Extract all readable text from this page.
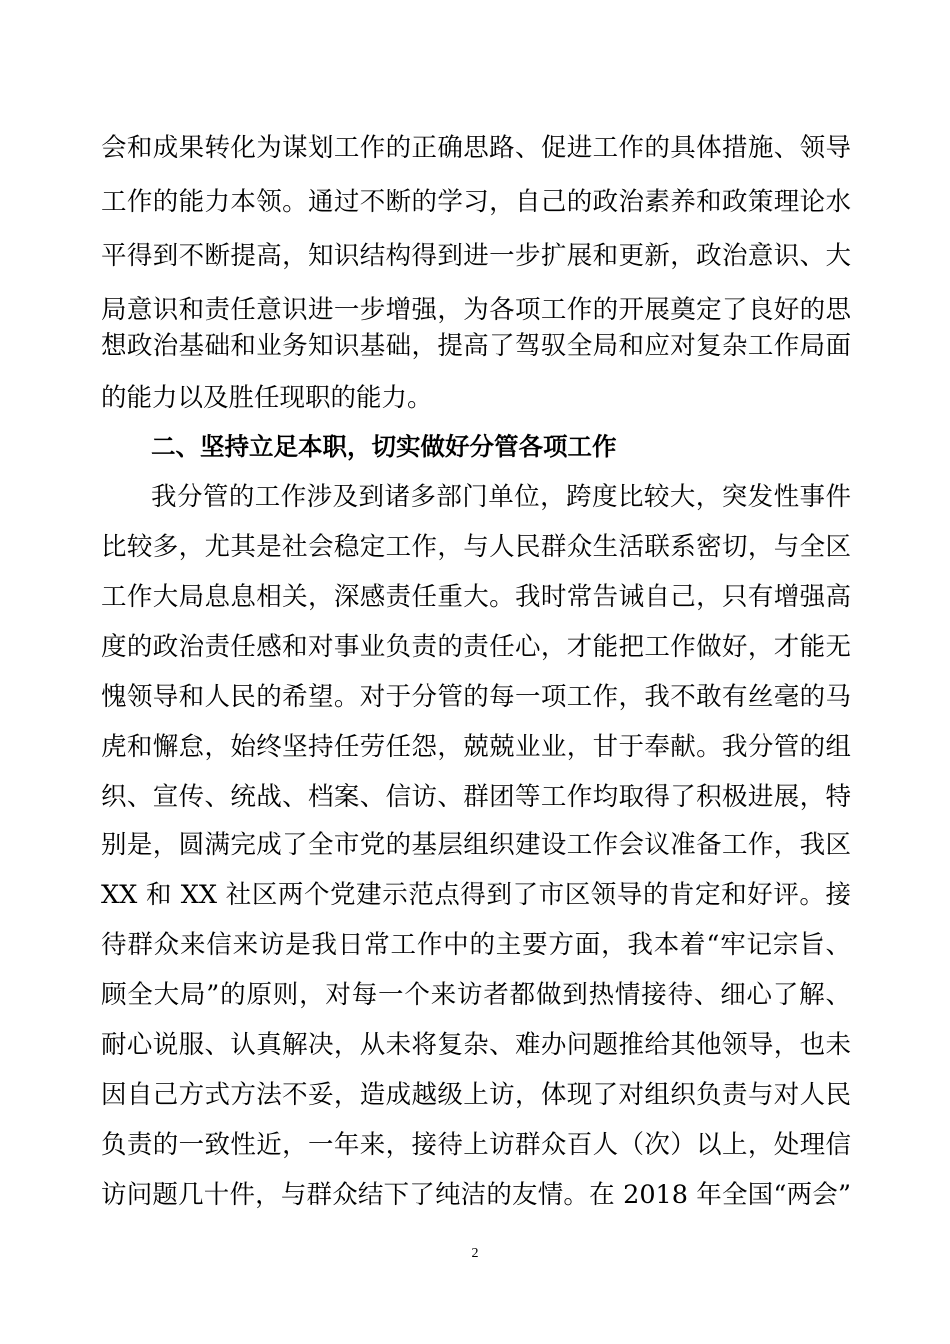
会和成果转化为谋划工作的正确思路、促进工作的具体措施、领导
工作的能力本领。通过不断的学习，自己的政治素养和政策理论水
平得到不断提高，知识结构得到进一步扩展和更新，政治意识、大
局意识和责任意识进一步增强，为各项工作的开展奠定了良好的思
想政治基础和业务知识基础，提高了驾驭全局和应对复杂工作局面
的能力以及胜任现职的能力。
二、坚持立足本职，切实做好分管各项工作
我分管的工作涉及到诸多部门单位，跨度比较大，突发性事件
比较多，尤其是社会稳定工作，与人民群众生活联系密切，与全区
工作大局息息相关，深感责任重大。我时常告诫自己，只有增强高
度的政治责任感和对事业负责的责任心，才能把工作做好，才能无
愧领导和人民的希望。对于分管的每一项工作，我不敢有丝毫的马
虎和懈怠，始终坚持任劳任怨，兢兢业业，甘于奉献。我分管的组
织、宣传、统战、档案、信访、群团等工作均取得了积极进展，特
别是，圆满完成了全市党的基层组织建设工作会议准备工作，我区
XX 和 XX 社区两个党建示范点得到了市区领导的肯定和好评。接
待群众来信来访是我日常工作中的主要方面，我本着“牢记宗旨、
顾全大局”的原则，对每一个来访者都做到热情接待、细心了解、
耐心说服、认真解决，从未将复杂、难办问题推给其他领导，也未
因自己方式方法不妥，造成越级上访，体现了对组织负责与对人民
负责的一致性近，一年来，接待上访群众百人（次）以上，处理信
访问题几十件，与群众结下了纯洁的友情。在 2018 年全国“两会”
2
